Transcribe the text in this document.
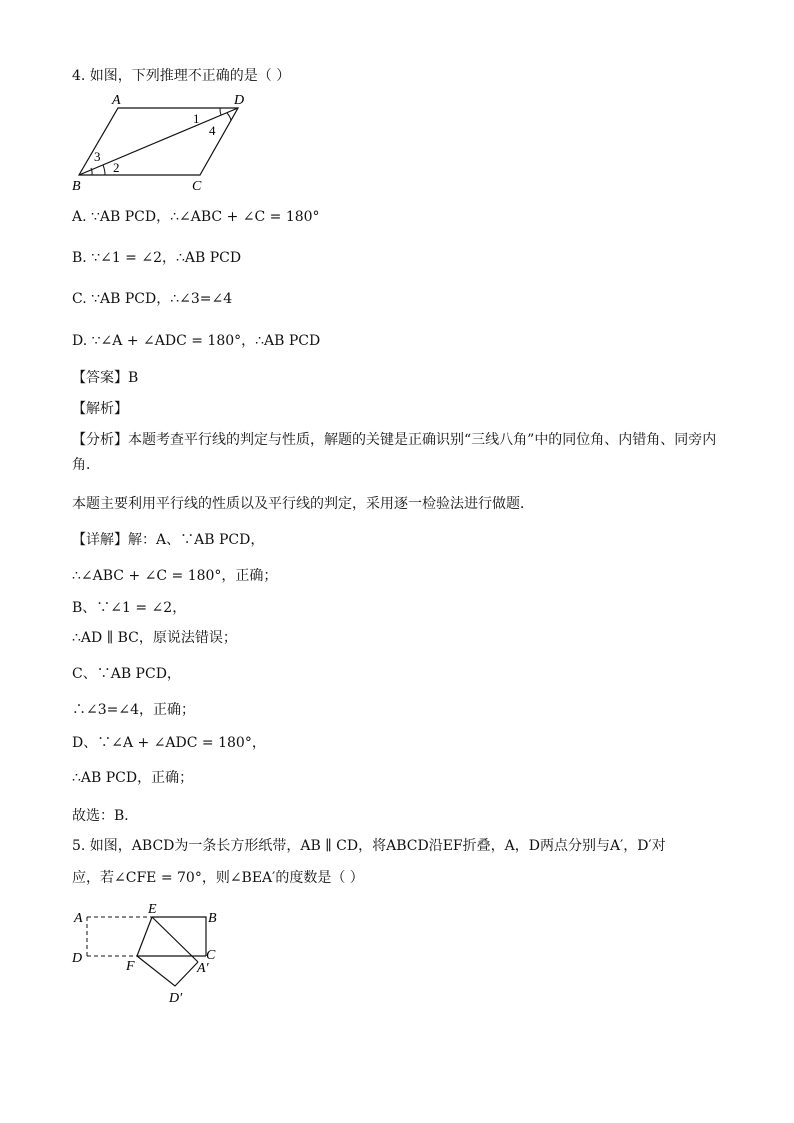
4. 如图，下列推理不正确的是（ ）
A	D
B	C
1
4
3
2
A. ∵AB PCD，∴∠ABC + ∠C = 180°
B. ∵∠1 = ∠2，∴AB PCD
C. ∵AB PCD，∴∠3=∠4
D. ∵∠A + ∠ADC = 180°，∴AB PCD
【答案】B
【解析】
【分析】本题考查平行线的判定与性质，解题的关键是正确识别“三线八角”中的同位角、内错角、同旁内角．
本题主要利用平行线的性质以及平行线的判定，采用逐一检验法进行做题．
【详解】解：A、∵AB PCD，
∴∠ABC + ∠C = 180°，正确；
B、∵∠1 = ∠2，
∴AD ∥ BC，原说法错误；
C、∵AB PCD，
∴∠3=∠4，正确；
D、∵∠A + ∠ADC = 180°，
∴AB PCD，正确；
故选：B．
5. 如图，ABCD为一条长方形纸带，AB ∥ CD，将ABCD沿EF折叠，A，D两点分别与A′，D′对
应，若∠CFE = 70°，则∠BEA′的度数是（ ）
A
E
B
D
F
C
A′
D′
